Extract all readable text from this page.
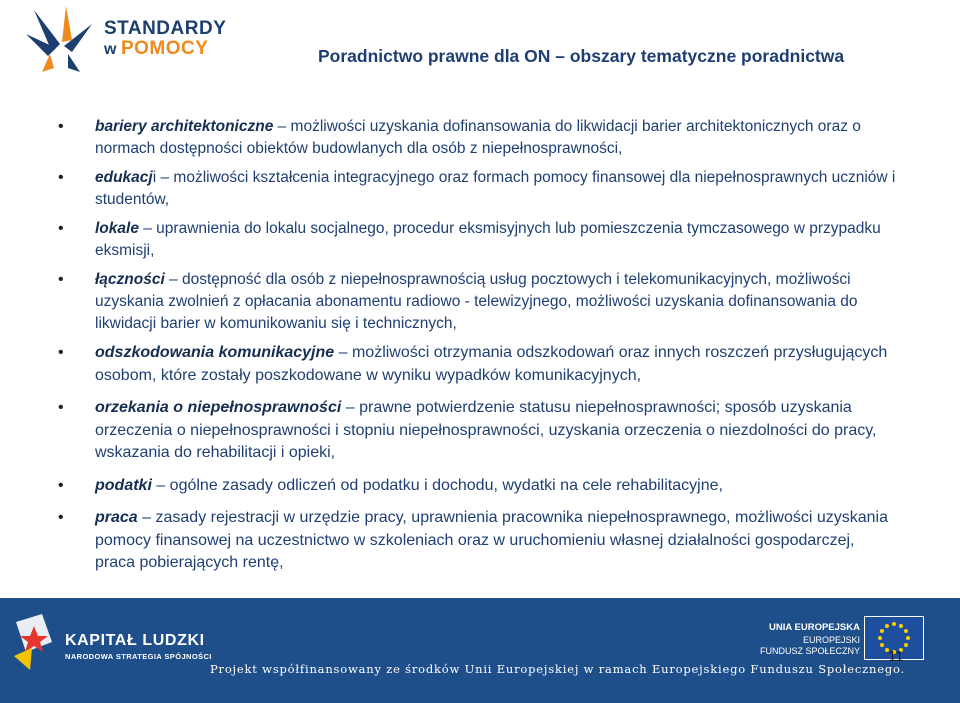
STANDARDY
w POMOCY	Poradnictwo prawne dla ON – obszary tematyczne poradnictwa
• bariery architektoniczne – możliwości uzyskania dofinansowania do likwidacji barier architektonicznych oraz o normach dostępności obiektów budowlanych dla osób z niepełnosprawności,
• edukacji – możliwości kształcenia integracyjnego oraz formach pomocy finansowej dla niepełnosprawnych uczniów i studentów,
• lokale – uprawnienia do lokalu socjalnego, procedur eksmisyjnych lub pomieszczenia tymczasowego w przypadku eksmisji,
• łączności – dostępność dla osób z niepełnosprawnością usług pocztowych i telekomunikacyjnych, możliwości uzyskania zwolnień z opłacania abonamentu radiowo - telewizyjnego, możliwości uzyskania dofinansowania do likwidacji barier w komunikowaniu się i technicznych,
• odszkodowania komunikacyjne – możliwości otrzymania odszkodowań oraz innych roszczeń przysługujących osobom, które zostały poszkodowane w wyniku wypadków komunikacyjnych,
• orzekania o niepełnosprawności – prawne potwierdzenie statusu niepełnosprawności; sposób uzyskania orzeczenia o niepełnosprawności i stopniu niepełnosprawności, uzyskania orzeczenia o niezdolności do pracy, wskazania do rehabilitacji i opieki,
• podatki – ogólne zasady odliczeń od podatku i dochodu, wydatki na cele rehabilitacyjne,
• praca – zasady rejestracji w urzędzie pracy, uprawnienia pracownika niepełnosprawnego, możliwości uzyskania pomocy finansowej na uczestnictwo w szkoleniach oraz w uruchomieniu własnej działalności gospodarczej, praca pobierających rentę,
KAPITAŁ LUDZKI
NARODOWA STRATEGIA SPÓJNOŚCI
UNIA EUROPEJSKA
EUROPEJSKI
FUNDUSZ SPOŁECZNY
Projekt współfinansowany ze środków Unii Europejskiej w ramach Europejskiego Funduszu Społecznego.
11
